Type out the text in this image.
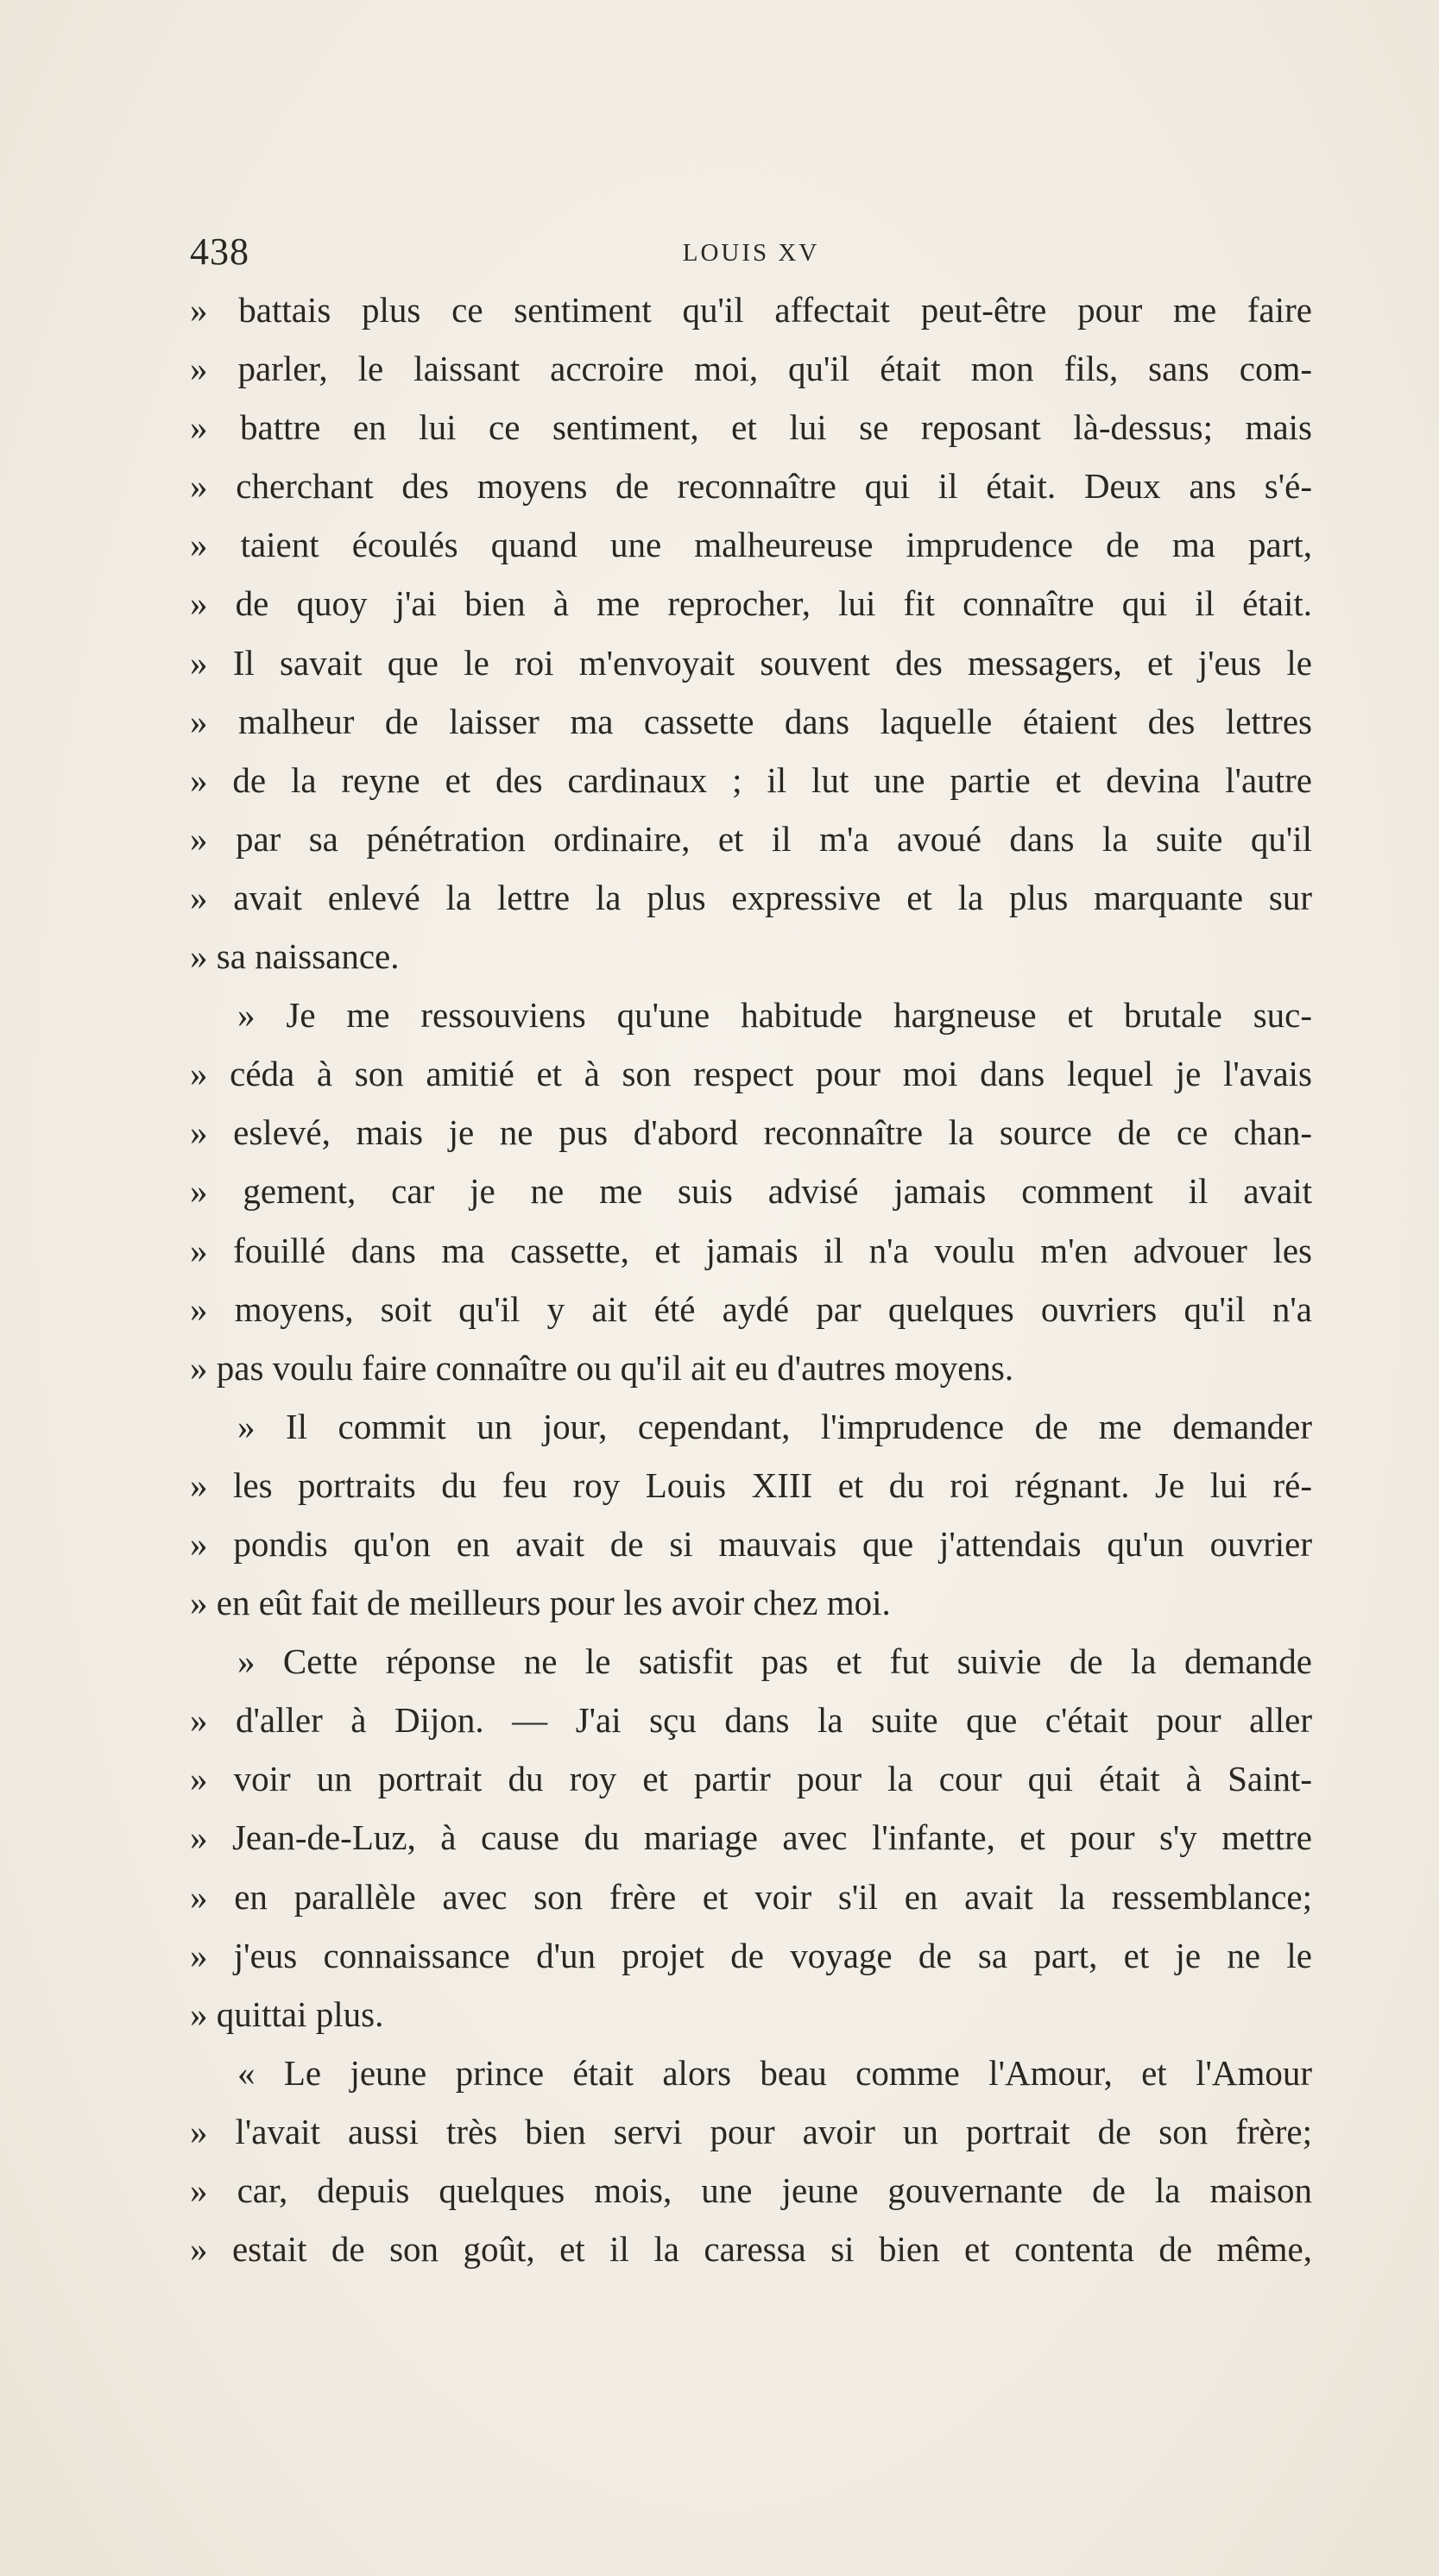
438	LOUIS XV
» battais plus ce sentiment qu'il affectait peut-être pour me faire
» parler, le laissant accroire moi, qu'il était mon fils, sans com-
» battre en lui ce sentiment, et lui se reposant là-dessus; mais
» cherchant des moyens de reconnaître qui il était. Deux ans s'é-
» taient écoulés quand une malheureuse imprudence de ma part,
» de quoy j'ai bien à me reprocher, lui fit connaître qui il était.
» Il savait que le roi m'envoyait souvent des messagers, et j'eus le
» malheur de laisser ma cassette dans laquelle étaient des lettres
» de la reyne et des cardinaux ; il lut une partie et devina l'autre
» par sa pénétration ordinaire, et il m'a avoué dans la suite qu'il
» avait enlevé la lettre la plus expressive et la plus marquante sur
» sa naissance.
» Je me ressouviens qu'une habitude hargneuse et brutale suc-
» céda à son amitié et à son respect pour moi dans lequel je l'avais
» eslevé, mais je ne pus d'abord reconnaître la source de ce chan-
» gement, car je ne me suis advisé jamais comment il avait
» fouillé dans ma cassette, et jamais il n'a voulu m'en advouer les
» moyens, soit qu'il y ait été aydé par quelques ouvriers qu'il n'a
» pas voulu faire connaître ou qu'il ait eu d'autres moyens.
» Il commit un jour, cependant, l'imprudence de me demander
» les portraits du feu roy Louis XIII et du roi régnant. Je lui ré-
» pondis qu'on en avait de si mauvais que j'attendais qu'un ouvrier
» en eût fait de meilleurs pour les avoir chez moi.
» Cette réponse ne le satisfit pas et fut suivie de la demande
» d'aller à Dijon. — J'ai sçu dans la suite que c'était pour aller
» voir un portrait du roy et partir pour la cour qui était à Saint-
» Jean-de-Luz, à cause du mariage avec l'infante, et pour s'y mettre
» en parallèle avec son frère et voir s'il en avait la ressemblance;
» j'eus connaissance d'un projet de voyage de sa part, et je ne le
» quittai plus.
« Le jeune prince était alors beau comme l'Amour, et l'Amour
» l'avait aussi très bien servi pour avoir un portrait de son frère;
» car, depuis quelques mois, une jeune gouvernante de la maison
» estait de son goût, et il la caressa si bien et contenta de même,
